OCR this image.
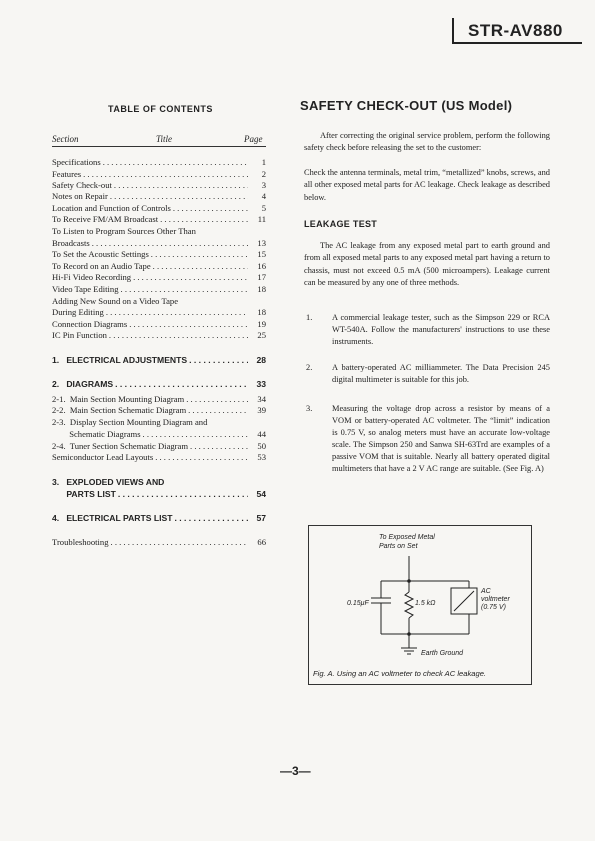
STR-AV880
TABLE OF CONTENTS
Section	Title	Page
Specifications . . .	1
Features . . .	2
Safety Check-out . . .	3
Notes on Repair . . .	4
Location and Function of Controls . . .	5
To Receive FM/AM Broadcast . . .	11
To Listen to Program Sources Other Than
Broadcasts . . .	13
To Set the Acoustic Settings . . .	15
To Record on an Audio Tape . . .	16
Hi-Fi Video Recording . . .	17
Video Tape Editing . . .	18
Adding New Sound on a Video Tape
During Editing . . .	18
Connection Diagrams . . .	19
IC Pin Function . . .	25
1.   ELECTRICAL ADJUSTMENTS . . .	28
2.   DIAGRAMS . . .	33
2-1.  Main Section Mounting Diagram . . .	34
2-2.  Main Section Schematic Diagram . . .	39
2-3.  Display Section Mounting Diagram and
Schematic Diagrams . . .	44
2-4.  Tuner Section Schematic Diagram . . .	50
Semiconductor Lead Layouts . . .	53
3.   EXPLODED VIEWS AND
PARTS LIST . . .	54
4.   ELECTRICAL PARTS LIST . . .	57
Troubleshooting . . .	66
SAFETY CHECK-OUT (US Model)
After correcting the original service problem, perform the following safety check before releasing the set to the customer:
Check the antenna terminals, metal trim, “metallized” knobs, screws, and all other exposed metal parts for AC leakage. Check leakage as described below.
LEAKAGE TEST
The AC leakage from any exposed metal part to earth ground and from all exposed metal parts to any exposed metal part having a return to chassis, must not exceed 0.5 mA (500 microampers). Leakage current can be measured by any one of three methods.
1.	A commercial leakage tester, such as the Simpson 229 or RCA WT-540A. Follow the manufacturers' instructions to use these instruments.
2.	A battery-operated AC milliammeter. The Data Precision 245 digital multimeter is suitable for this job.
3.	Measuring the voltage drop across a resistor by means of a VOM or battery-operated AC voltmeter. The “limit” indication is 0.75 V, so analog meters must have an accurate low-voltage scale. The Simpson 250 and Sanwa SH-63Trd are examples of a passive VOM that is suitable. Nearly all battery operated digital multimeters that have a 2 V AC range are suitable. (See Fig. A)
To Exposed Metal
Parts on Set
0.15μF	1.5 kΩ
AC
voltmeter
(0.75 V)
Earth Ground
Fig. A. Using an AC voltmeter to check AC leakage.
—3—
